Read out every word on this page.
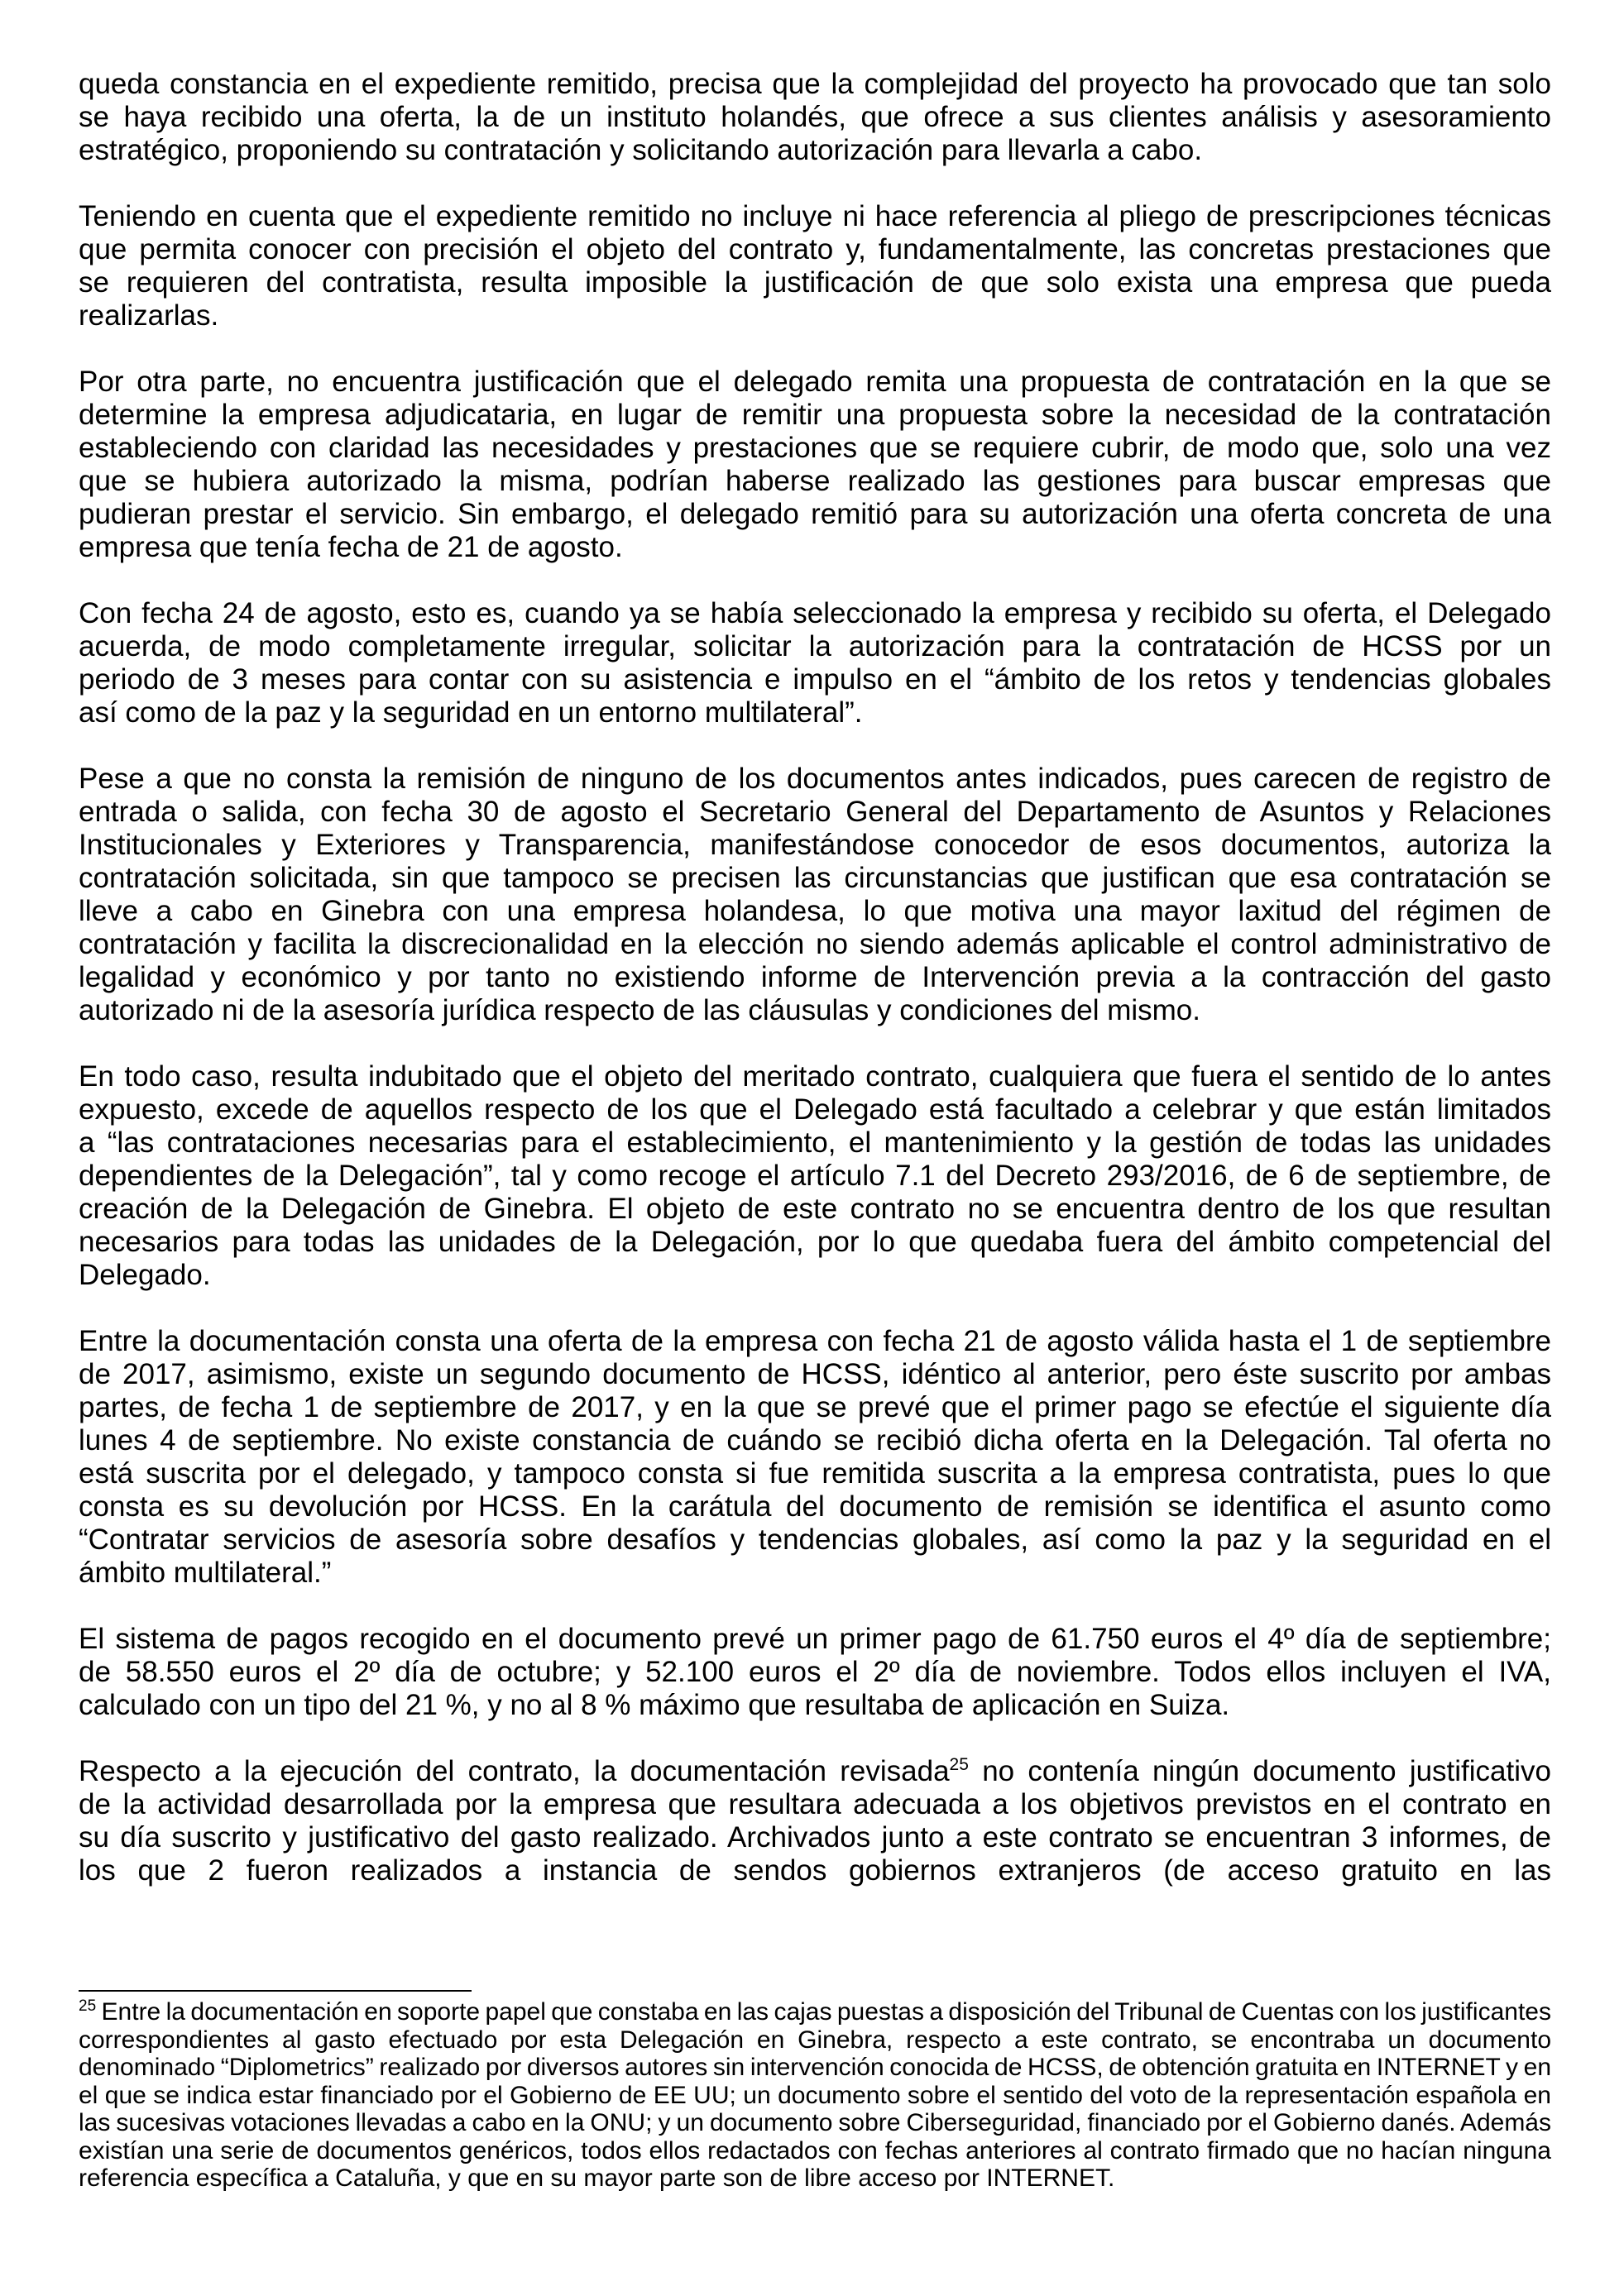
queda constancia en el expediente remitido, precisa que la complejidad del proyecto ha provocado que tan solo
se haya recibido una oferta, la de un instituto holandés, que ofrece a sus clientes análisis y asesoramiento
estratégico, proponiendo su contratación y solicitando autorización para llevarla a cabo.
Teniendo en cuenta que el expediente remitido no incluye ni hace referencia al pliego de prescripciones técnicas
que permita conocer con precisión el objeto del contrato y, fundamentalmente, las concretas prestaciones que
se requieren del contratista, resulta imposible la justificación de que solo exista una empresa que pueda
realizarlas.
Por otra parte, no encuentra justificación que el delegado remita una propuesta de contratación en la que se
determine la empresa adjudicataria, en lugar de remitir una propuesta sobre la necesidad de la contratación
estableciendo con claridad las necesidades y prestaciones que se requiere cubrir, de modo que, solo una vez
que se hubiera autorizado la misma, podrían haberse realizado las gestiones para buscar empresas que
pudieran prestar el servicio. Sin embargo, el delegado remitió para su autorización una oferta concreta de una
empresa que tenía fecha de 21 de agosto.
Con fecha 24 de agosto, esto es, cuando ya se había seleccionado la empresa y recibido su oferta, el Delegado
acuerda, de modo completamente irregular, solicitar la autorización para la contratación de HCSS por un
periodo de 3 meses para contar con su asistencia e impulso en el “ámbito de los retos y tendencias globales
así como de la paz y la seguridad en un entorno multilateral”.
Pese a que no consta la remisión de ninguno de los documentos antes indicados, pues carecen de registro de
entrada o salida, con fecha 30 de agosto el Secretario General del Departamento de Asuntos y Relaciones
Institucionales y Exteriores y Transparencia, manifestándose conocedor de esos documentos, autoriza la
contratación solicitada, sin que tampoco se precisen las circunstancias que justifican que esa contratación se
lleve a cabo en Ginebra con una empresa holandesa, lo que motiva una mayor laxitud del régimen de
contratación y facilita la discrecionalidad en la elección no siendo además aplicable el control administrativo de
legalidad y económico y por tanto no existiendo informe de Intervención previa a la contracción del gasto
autorizado ni de la asesoría jurídica respecto de las cláusulas y condiciones del mismo.
En todo caso, resulta indubitado que el objeto del meritado contrato, cualquiera que fuera el sentido de lo antes
expuesto, excede de aquellos respecto de los que el Delegado está facultado a celebrar y que están limitados
a “las contrataciones necesarias para el establecimiento, el mantenimiento y la gestión de todas las unidades
dependientes de la Delegación”, tal y como recoge el artículo 7.1 del Decreto 293/2016, de 6 de septiembre, de
creación de la Delegación de Ginebra. El objeto de este contrato no se encuentra dentro de los que resultan
necesarios para todas las unidades de la Delegación, por lo que quedaba fuera del ámbito competencial del
Delegado.
Entre la documentación consta una oferta de la empresa con fecha 21 de agosto válida hasta el 1 de septiembre
de 2017, asimismo, existe un segundo documento de HCSS, idéntico al anterior, pero éste suscrito por ambas
partes, de fecha 1 de septiembre de 2017, y en la que se prevé que el primer pago se efectúe el siguiente día
lunes 4 de septiembre. No existe constancia de cuándo se recibió dicha oferta en la Delegación. Tal oferta no
está suscrita por el delegado, y tampoco consta si fue remitida suscrita a la empresa contratista, pues lo que
consta es su devolución por HCSS. En la carátula del documento de remisión se identifica el asunto como
“Contratar servicios de asesoría sobre desafíos y tendencias globales, así como la paz y la seguridad en el
ámbito multilateral.”
El sistema de pagos recogido en el documento prevé un primer pago de 61.750 euros el 4º día de septiembre;
de 58.550 euros el 2º día de octubre; y 52.100 euros el 2º día de noviembre. Todos ellos incluyen el IVA,
calculado con un tipo del 21 %, y no al 8 % máximo que resultaba de aplicación en Suiza.
Respecto a la ejecución del contrato, la documentación revisada$^{25}$ no contenía ningún documento justificativo
de la actividad desarrollada por la empresa que resultara adecuada a los objetivos previstos en el contrato en
su día suscrito y justificativo del gasto realizado. Archivados junto a este contrato se encuentran 3 informes, de
los que 2 fueron realizados a instancia de sendos gobiernos extranjeros (de acceso gratuito en las
$^{25}$ Entre la documentación en soporte papel que constaba en las cajas puestas a disposición del Tribunal de Cuentas con los justificantes
correspondientes al gasto efectuado por esta Delegación en Ginebra, respecto a este contrato, se encontraba un documento
denominado “Diplometrics” realizado por diversos autores sin intervención conocida de HCSS, de obtención gratuita en INTERNET y en
el que se indica estar financiado por el Gobierno de EE UU; un documento sobre el sentido del voto de la representación española en
las sucesivas votaciones llevadas a cabo en la ONU; y un documento sobre Ciberseguridad, financiado por el Gobierno danés. Además
existían una serie de documentos genéricos, todos ellos redactados con fechas anteriores al contrato firmado que no hacían ninguna
referencia específica a Cataluña, y que en su mayor parte son de libre acceso por INTERNET.
